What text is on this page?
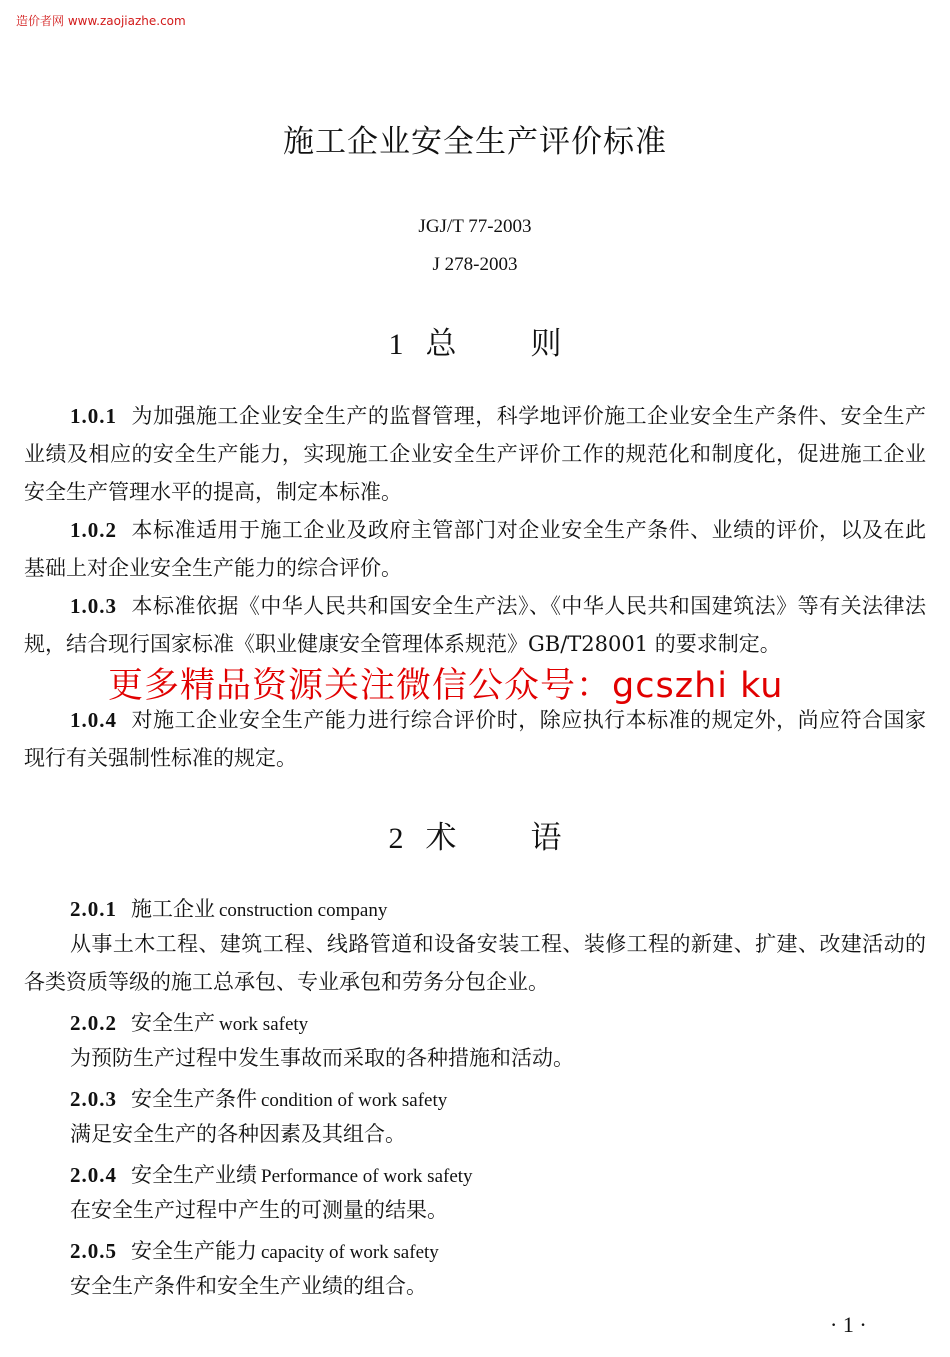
造价者网 www.zaojiazhe.com
施工企业安全生产评价标准
JGJ/T 77-2003
J 278-2003
1 总 则
1.0.1 为加强施工企业安全生产的监督管理，科学地评价施工企业安全生产条件、安全生产业绩及相应的安全生产能力，实现施工企业安全生产评价工作的规范化和制度化，促进施工企业安全生产管理水平的提高，制定本标准。
1.0.2 本标准适用于施工企业及政府主管部门对企业安全生产条件、业绩的评价，以及在此基础上对企业安全生产能力的综合评价。
1.0.3 本标准依据《中华人民共和国安全生产法》、《中华人民共和国建筑法》等有关法律法规，结合现行国家标准《职业健康安全管理体系规范》GB/T28001 的要求制定。
1.0.4 对施工企业安全生产能力进行综合评价时，除应执行本标准的规定外，尚应符合国家现行有关强制性标准的规定。
更多精品资源关注微信公众号：gcszhi ku
2 术 语
2.0.1 施工企业 construction company
从事土木工程、建筑工程、线路管道和设备安装工程、装修工程的新建、扩建、改建活动的各类资质等级的施工总承包、专业承包和劳务分包企业。
2.0.2 安全生产 work safety
为预防生产过程中发生事故而采取的各种措施和活动。
2.0.3 安全生产条件 condition of work safety
满足安全生产的各种因素及其组合。
2.0.4 安全生产业绩 Performance of work safety
在安全生产过程中产生的可测量的结果。
2.0.5 安全生产能力 capacity of work safety
安全生产条件和安全生产业绩的组合。
· 1 ·
